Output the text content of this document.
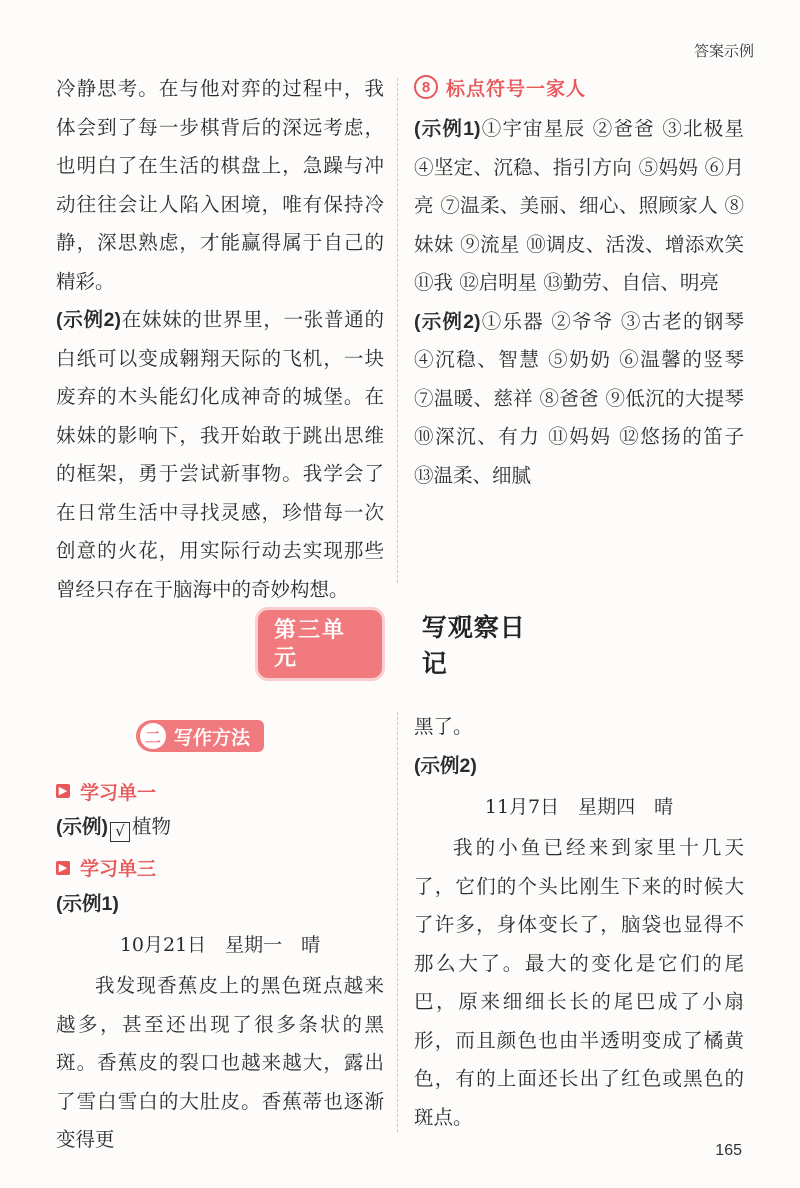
答案示例

冷静思考。在与他对弈的过程中，我体会到了每一步棋背后的深远考虑，也明白了在生活的棋盘上，急躁与冲动往往会让人陷入困境，唯有保持冷静，深思熟虑，才能赢得属于自己的精彩。

(示例2)在妹妹的世界里，一张普通的白纸可以变成翱翔天际的飞机，一块废弃的木头能幻化成神奇的城堡。在妹妹的影响下，我开始敢于跳出思维的框架，勇于尝试新事物。我学会了在日常生活中寻找灵感，珍惜每一次创意的火花，用实际行动去实现那些曾经只存在于脑海中的奇妙构想。

8 标点符号一家人

(示例1)①宇宙星辰 ②爸爸 ③北极星 ④坚定、沉稳、指引方向 ⑤妈妈 ⑥月亮 ⑦温柔、美丽、细心、照顾家人 ⑧妹妹 ⑨流星 ⑩调皮、活泼、增添欢笑 ⑪我 ⑫启明星 ⑬勤劳、自信、明亮

(示例2)①乐器 ②爷爷 ③古老的钢琴 ④沉稳、智慧 ⑤奶奶 ⑥温馨的竖琴 ⑦温暖、慈祥 ⑧爸爸 ⑨低沉的大提琴 ⑩深沉、有力 ⑪妈妈 ⑫悠扬的笛子 ⑬温柔、细腻

第三单元
写观察日记
二 写作方法
▶ 学习单一

(示例) √ 植物

▶ 学习单三

(示例1)

10月21日　星期一　晴

我发现香蕉皮上的黑色斑点越来越多，甚至还出现了很多条状的黑斑。香蕉皮的裂口也越来越大，露出了雪白雪白的大肚皮。香蕉蒂也逐渐变得更

黑了。

(示例2)

11月7日　星期四　晴

我的小鱼已经来到家里十几天了，它们的个头比刚生下来的时候大了许多，身体变长了，脑袋也显得不那么大了。最大的变化是它们的尾巴，原来细细长长的尾巴成了小扇形，而且颜色也由半透明变成了橘黄色，有的上面还长出了红色或黑色的斑点。

165
